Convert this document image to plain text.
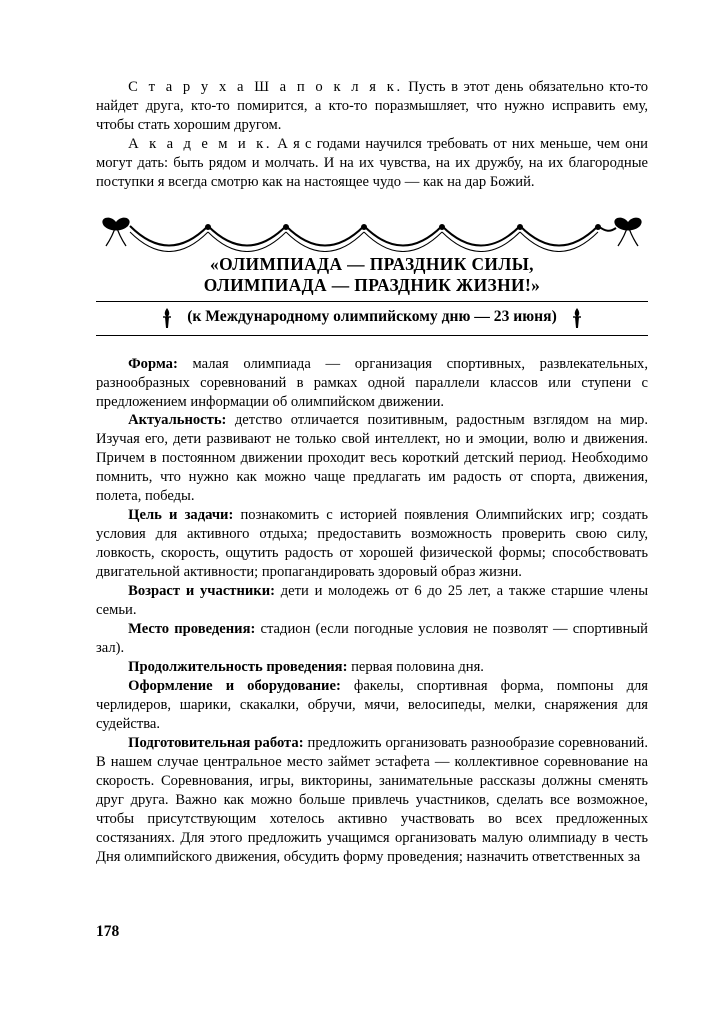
С т а р у х а Ш а п о к л я к. Пусть в этот день обязательно кто-то найдет друга, кто-то помирится, а кто-то поразмышляет, что нужно исправить ему, чтобы стать хорошим другом.

А к а д е м и к. А я с годами научился требовать от них меньше, чем они могут дать: быть рядом и молчать. И на их чувства, на их дружбу, на их благородные поступки я всегда смотрю как на настоящее чудо — как на дар Божий.

«ОЛИМПИАДА — ПРАЗДНИК СИЛЫ,

ОЛИМПИАДА — ПРАЗДНИК ЖИЗНИ!»

(к Международному олимпийскому дню — 23 июня)

Форма: малая олимпиада — организация спортивных, развлекательных, разнообразных соревнований в рамках одной параллели классов или ступени с предложением информации об олимпийском движении.

Актуальность: детство отличается позитивным, радостным взглядом на мир. Изучая его, дети развивают не только свой интеллект, но и эмоции, волю и движения. Причем в постоянном движении проходит весь короткий детский период. Необходимо помнить, что нужно как можно чаще предлагать им радость от спорта, движения, полета, победы.

Цель и задачи: познакомить с историей появления Олимпийских игр; создать условия для активного отдыха; предоставить возможность проверить свою силу, ловкость, скорость, ощутить радость от хорошей физической формы; способствовать двигательной активности; пропагандировать здоровый образ жизни.

Возраст и участники: дети и молодежь от 6 до 25 лет, а также старшие члены семьи.

Место проведения: стадион (если погодные условия не позволят — спортивный зал).

Продолжительность проведения: первая половина дня.

Оформление и оборудование: факелы, спортивная форма, помпоны для черлидеров, шарики, скакалки, обручи, мячи, велосипеды, мелки, снаряжения для судейства.

Подготовительная работа: предложить организовать разнообразие соревнований. В нашем случае центральное место займет эстафета — коллективное соревнование на скорость. Соревнования, игры, викторины, занимательные рассказы должны сменять друг друга. Важно как можно больше привлечь участников, сделать все возможное, чтобы присутствующим хотелось активно участвовать во всех предложенных состязаниях. Для этого предложить учащимся организовать малую олимпиаду в честь Дня олимпийского движения, обсудить форму проведения; назначить ответственных за

178
